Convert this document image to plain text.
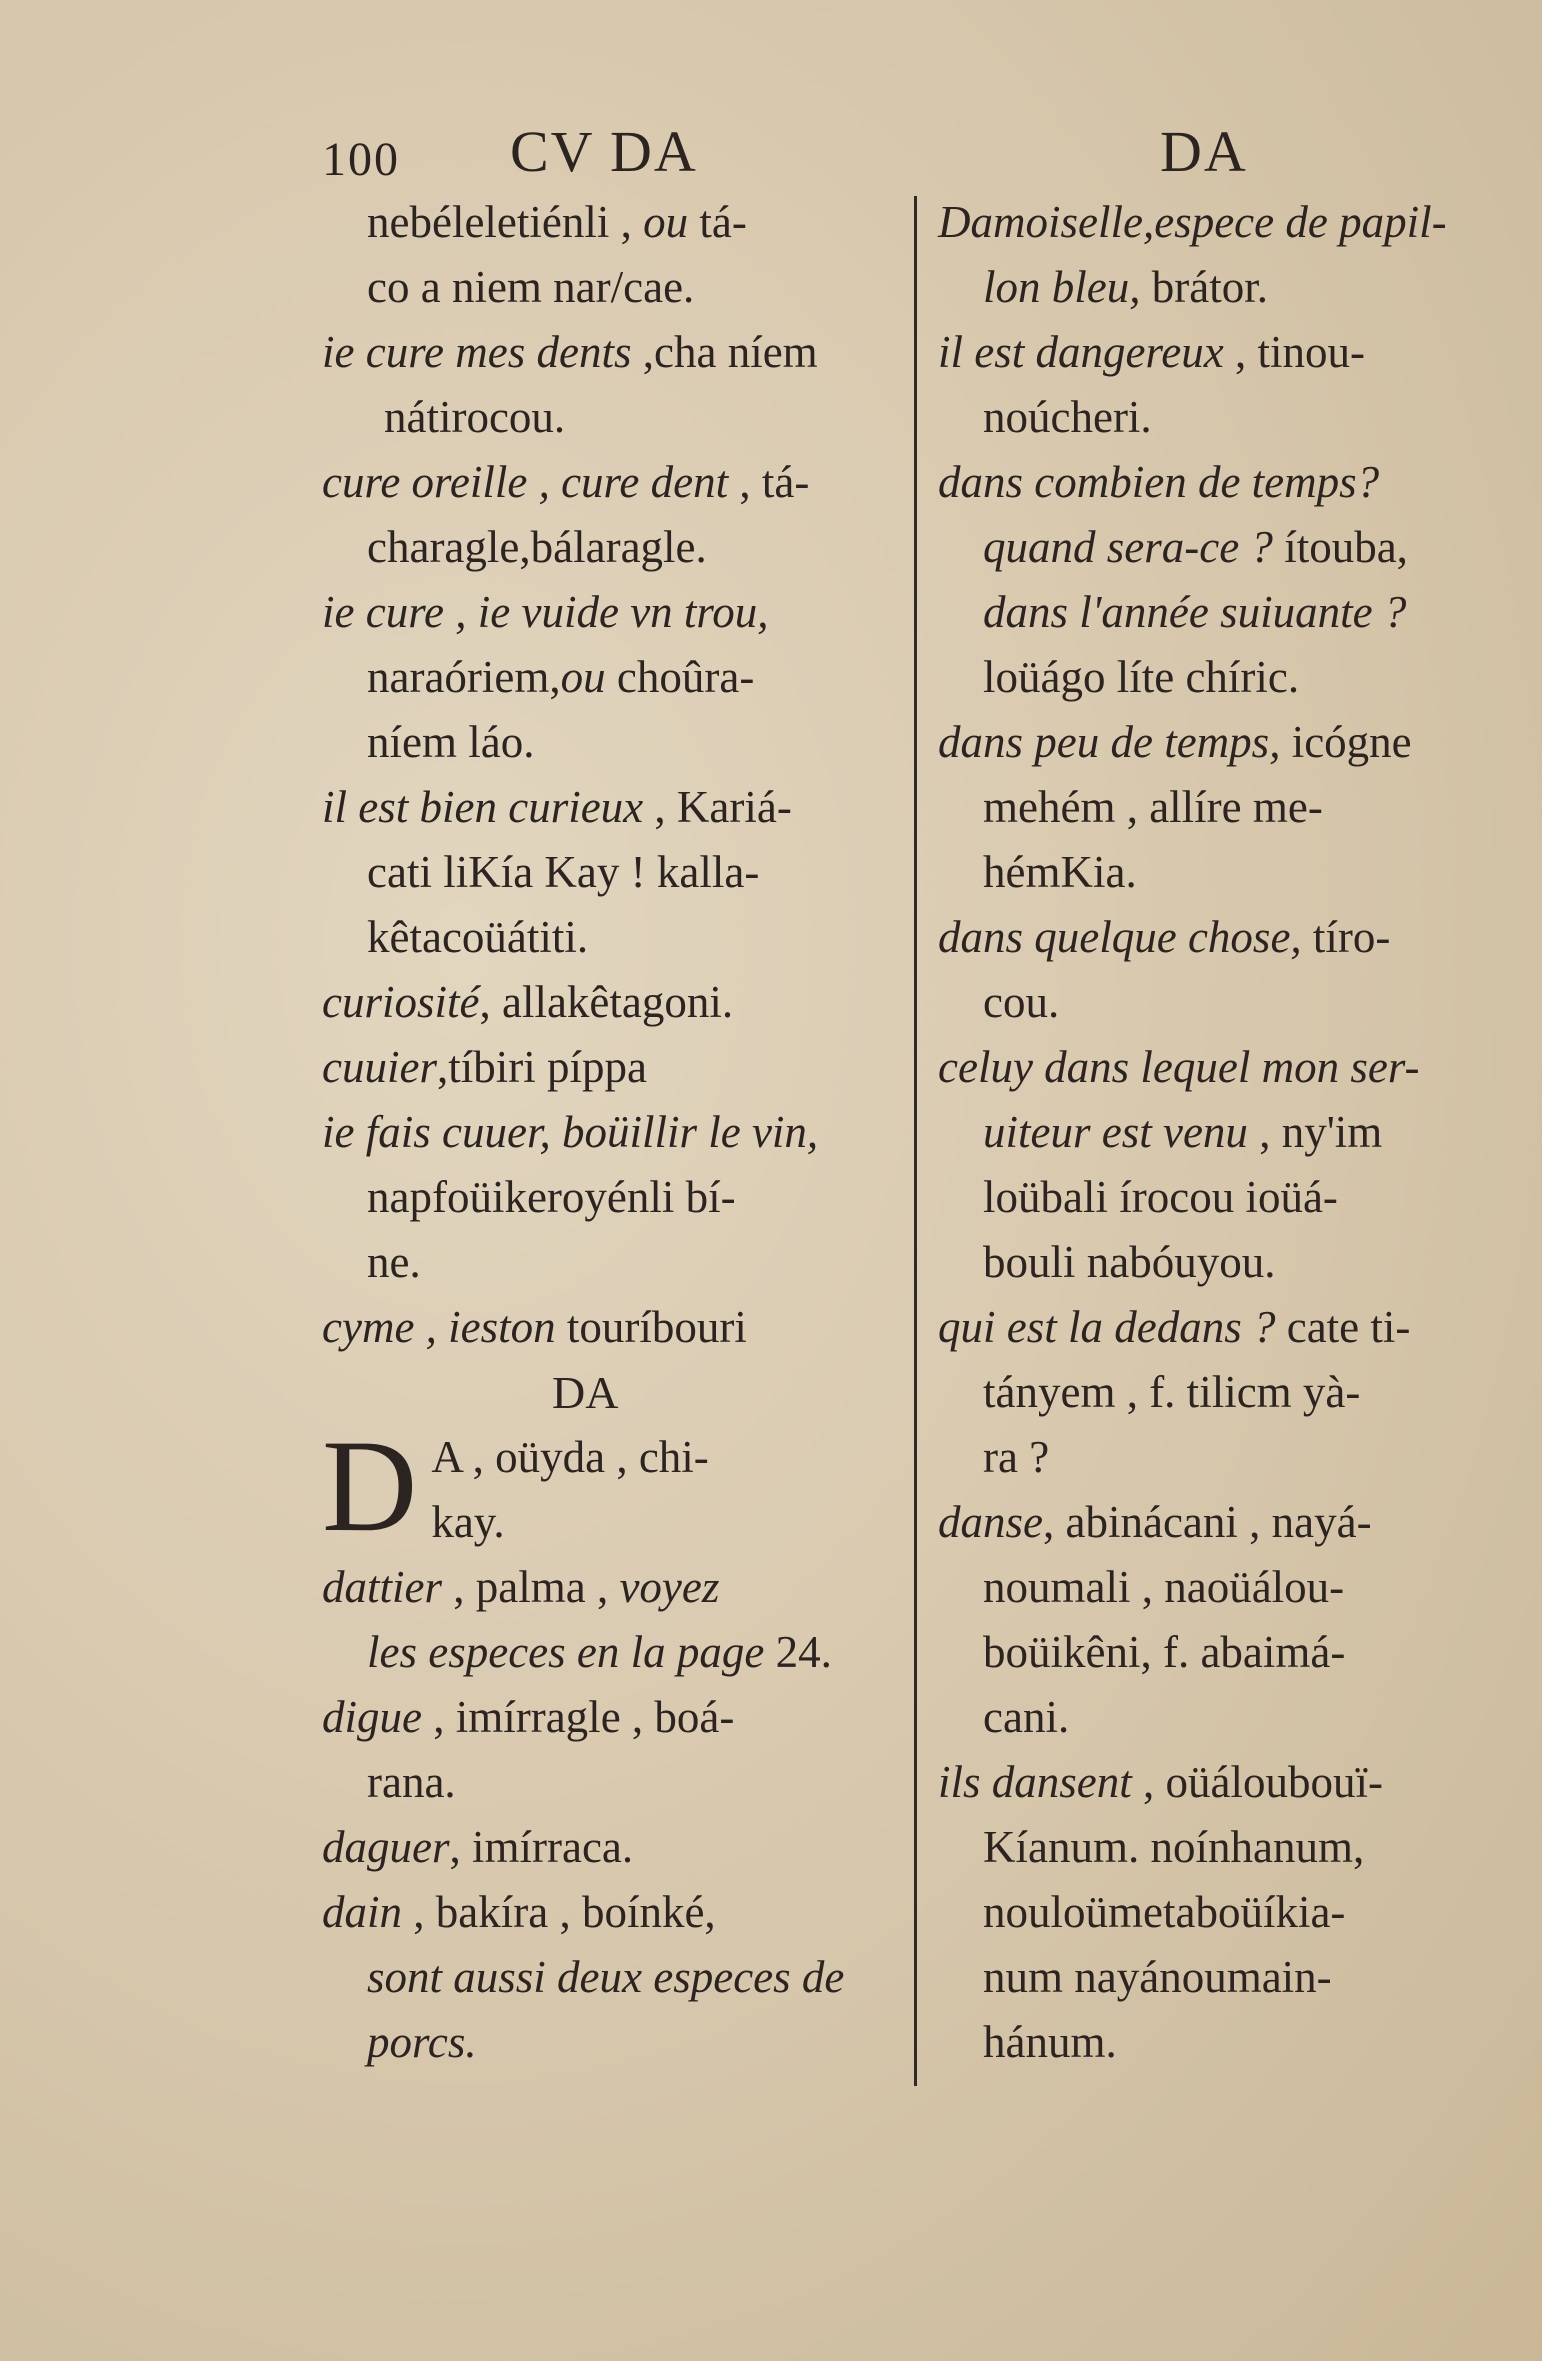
100 CV DA	DA
nebéleletiénli , ou tá-
co a niem nar/cae.
ie cure mes dents ,cha níem
nátirocou.
cure oreille , cure dent , tá-
charagle,bálaragle.
ie cure , ie vuide vn trou,
naraóriem,ou choûra-
níem láo.
il est bien curieux , Kariá-
cati liKía Kay ! kalla-
kêtacoüátiti.
curiosité, allakêtagoni.
cuuier,tíbiri píppa
ie fais cuuer, boüillir le vin,
napfoüikeroyénli bí-
ne.
cyme , ieston touríbouri
DA
D A , oüyda , chi-
kay.
dattier , palma , voyez
les especes en la page 24.
digue , imírragle , boá-
rana.
daguer, imírraca.
dain , bakíra , boínké,
sont aussi deux especes de
porcs.
Damoiselle,espece de papil-
lon bleu, brátor.
il est dangereux , tinou-
noúcheri.
dans combien de temps?
quand sera-ce ? ítouba,
dans l'année suiuante ?
loüágo líte chíric.
dans peu de temps, icógne
mehém , allíre me-
hémKia.
dans quelque chose, tíro-
cou.
celuy dans lequel mon ser-
uiteur est venu , ny'im
loübali írocou ioüá-
bouli nabóuyou.
qui est la dedans ? cate ti-
tányem , f. tilicm yà-
ra ?
danse, abinácani , nayá-
noumali , naoüálou-
boüikêni, f. abaimá-
cani.
ils dansent , oüáloubouï-
Kíanum. noínhanum,
nouloümetaboüíkia-
num nayánoumain-
hánum.
